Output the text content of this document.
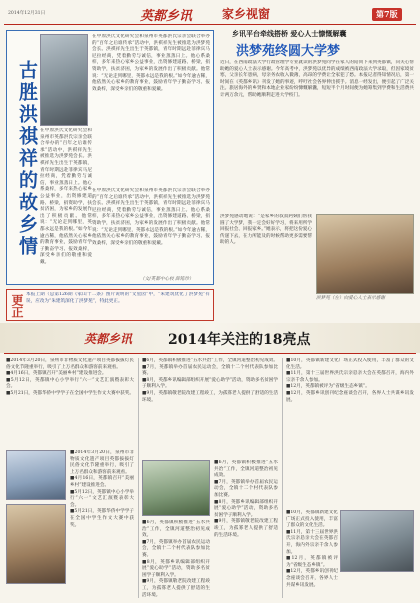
2014年12月31日	英都乡讯 家乡视窗	第7版
在中原洪氏文化研究会和泉州市英都洪氏宗亲会联合举办的“百年之后谁传承”活动中，洪祺祥先生被推选为洪梦苑会长。洪祺祥先生出生于英都镇，青年时期远赴菲律宾马尼拉经商，凭着勤劳与诚信，事业蒸蒸日上。他心系桑梓，多年来热心家乡公益事业，出资修建道路、桥梁，捐资助学，扶贫济困，为家乡的发展作出了积极贡献。他常说：“无论走到哪里，英都永远是我的根。”如今年逾古稀，他依然关心家乡的教育事业，鼓励青年学子勤奋学习、报效桑梓，深受乡亲们的敬重和爱戴。
古胜洪祺祥的故乡情 在中原洪氏文化研究会和泉州市英都洪氏宗亲会联合举办的“百年之后谁传承”活动中，洪祺祥先生被推选为洪梦苑会长。洪祺祥先生出生于英都镇，青年时期远赴菲律宾马尼拉经商，凭着勤劳与诚信，事业蒸蒸日上。他心系桑梓，多年来热心家乡公益事业，出资修建道路、桥梁，捐资助学，扶贫济困，为家乡的发展作出了积极贡献。他常说：“无论走到哪里，英都永远是我的根。”如今年逾古稀，他依然关心家乡的教育事业，鼓励青年学子勤奋学习、报效桑梓，深受乡亲们的敬重和爱戴。
在中原洪氏文化研究会和泉州市英都洪氏宗亲会联合举办的“百年之后谁传承”活动中，洪祺祥先生被推选为洪梦苑会长。洪祺祥先生出生于英都镇，青年时期远赴菲律宾马尼拉经商，凭着勤劳与诚信，事业蒸蒸日上。他心系桑梓，多年来热心家乡公益事业，出资修建道路、桥梁，捐资助学，扶贫济困，为家乡的发展作出了积极贡献。他常说：“无论走到哪里，英都永远是我的根。”如今年逾古稀，他依然关心家乡的教育事业，鼓励青年学子勤奋学习、报效桑梓，深受乡亲们的敬重和爱戴。
（文/英都中心校 薛铭珍）
更正 本报上期（总第126期《家山十二条》图片说明的“文星园”中，“朱建筑优化了洪梦苑”有误，应改为“朱建筑深化了洪梦苑”，特此更正。
乡讯平台牵线搭桥 爱心人士慷慨解囊
洪梦苑终圆大学梦
近日，在西南政法大学行政管理学专业就读的洪梦苑同学在家人的陪同下来到英都镇，向关心帮助她的爱心人士表示感谢。今年高考中，洪梦苑以优异的成绩被西南政法大学录取，但因家境贫寒，父亲长年患病，母亲务农收入微薄，高昂的学费让全家犯了愁。本报记者得知情况后，第一时间在《英都乡讯》刊发了她的事迹，呼吁社会各界伸出援手。消息一经发出，便引起了广泛关注。旅居海外的乡贤和本地企业家纷纷慷慨解囊，短短半个月时间便为她筹集到学费和生活费共计两万余元，帮助她顺利走进大学校门。
洪梦苑感动地说：“是家乡的叔叔阿姨们帮我圆了大学梦，我一定会好好学习，将来用所学回报社会、回报家乡。”她表示，将把这份爱心传递下去，在力所能及的时候帮助更多需要帮助的人。
洪梦苑（左）向爱心人士表示感谢
英都乡讯	2014年关注的18亮点
■2014年3月20日，泉州市非物质文化遗产项目英都拔拔灯民俗文化节隆重举行，吸引了上万名群众和游客前来观看。
■4月16日，英都镇召开“美丽乡村”建设推进会。
■5月12日，英都镇中心小学举行“六一”文艺汇演暨表彰大会。
■5月21日，英都华侨中学学子在全国中学生作文大赛中获奖。
■2014年3月20日，泉州市非物质文化遗产项目英都拔拔灯民俗文化节隆重举行，吸引了上万名群众和游客前来观看。
■4月16日，英都镇召开“美丽乡村”建设推进会。
■5月12日，英都镇中心小学举行“六一”文艺汇演暨表彰大会。
■5月21日，英都华侨中学学子在全国中学生作文大赛中获奖。
■6月，英都镇积极推进“五水共治”工作，全镇河道整治初见成效。
■7月，英都镇举办首届农民运动会，全镇十二个村代表队参加比赛。
■8月，英都乡讯编辑部组织开展“爱心助学”活动，资助多名贫困学子顺利入学。
■9月，英都镇敬老院改建工程竣工，为孤寡老人提供了舒适的生活环境。
■6月，英都镇积极推进“五水共治”工作，全镇河道整治初见成效。
■7月，英都镇举办首届农民运动会，全镇十二个村代表队参加比赛。
■8月，英都乡讯编辑部组织开展“爱心助学”活动，资助多名贫困学子顺利入学。
■9月，英都镇敬老院改建工程竣工，为孤寡老人提供了舒适的生活环境。
■6月，英都镇积极推进“五水共治”工作，全镇河道整治初见成效。
■7月，英都镇举办首届农民运动会，全镇十二个村代表队参加比赛。
■8月，英都乡讯编辑部组织开展“爱心助学”活动，资助多名贫困学子顺利入学。
■9月，英都镇敬老院改建工程竣工，为孤寡老人提供了舒适的生活环境。
■10月，英都镇新建文化广场正式投入使用，丰富了群众的文化生活。
■11月，第十三届世界洪氏宗亲恳亲大会在英都召开，海内外宗亲千余人参加。
■12月，英都镇被评为“省级生态乡镇”。
■12月，英都乡讯创刊纪念座谈会召开，各界人士共谋乡讯发展。
■10月，英都镇新建文化广场正式投入使用，丰富了群众的文化生活。
■11月，第十三届世界洪氏宗亲恳亲大会在英都召开，海内外宗亲千余人参加。
■12月，英都镇被评为“省级生态乡镇”。
■12月，英都乡讯创刊纪念座谈会召开，各界人士共谋乡讯发展。
